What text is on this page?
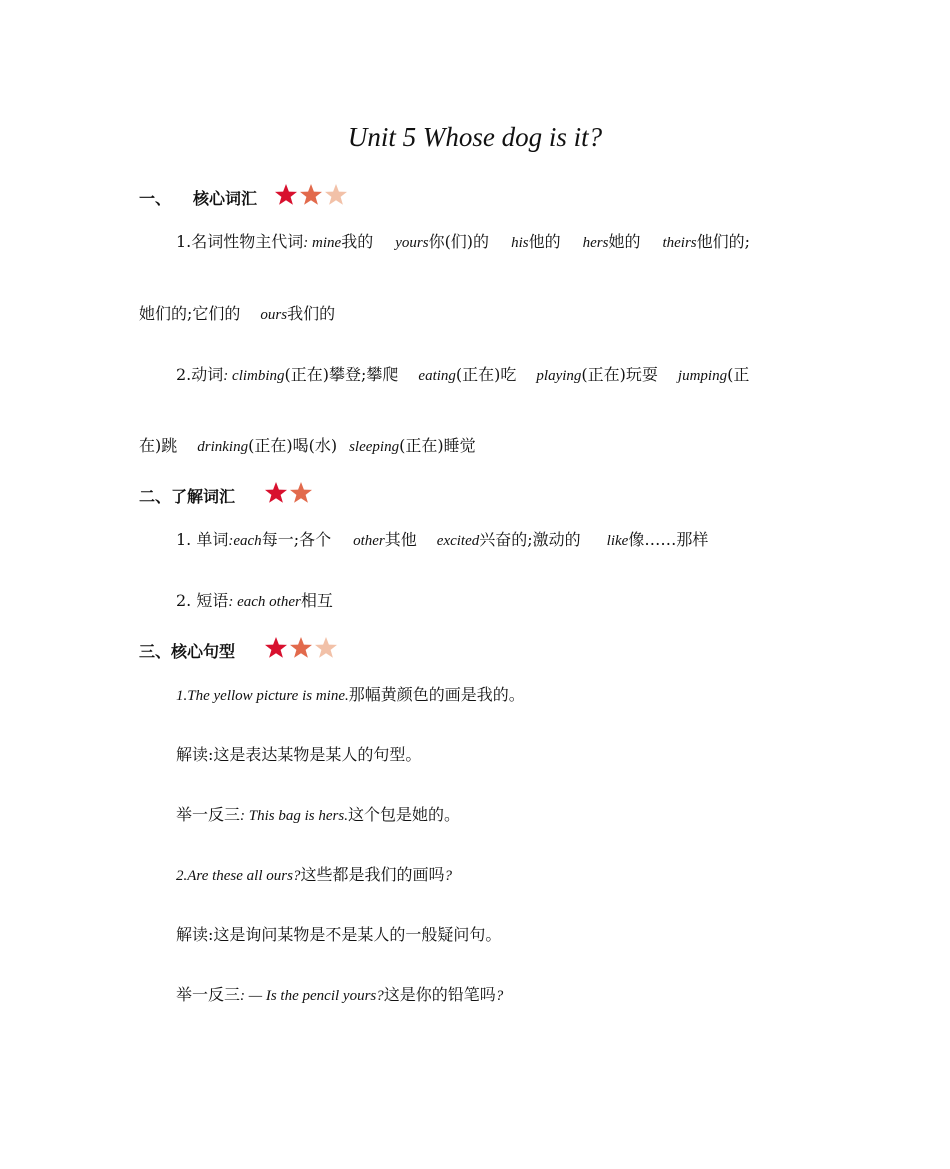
Unit 5 Whose dog is it?
一、 核心词汇
1.名词性物主代词: mine我的 yours你(们)的 his他的 hers她的 theirs他们的;
她们的;它们的 ours我们的
2.动词: climbing(正在)攀登;攀爬 eating(正在)吃 playing(正在)玩耍 jumping(正
在)跳 drinking(正在)喝(水) sleeping(正在)睡觉
二、了解词汇
1. 单词:each每一;各个 other其他 excited兴奋的;激动的 like像……那样
2. 短语: each other相互
三、核心句型
1.The yellow picture is mine.那幅黄颜色的画是我的。
解读:这是表达某物是某人的句型。
举一反三: This bag is hers.这个包是她的。
2.Are these all ours?这些都是我们的画吗?
解读:这是询问某物是不是某人的一般疑问句。
举一反三: — Is the pencil yours?这是你的铅笔吗?
